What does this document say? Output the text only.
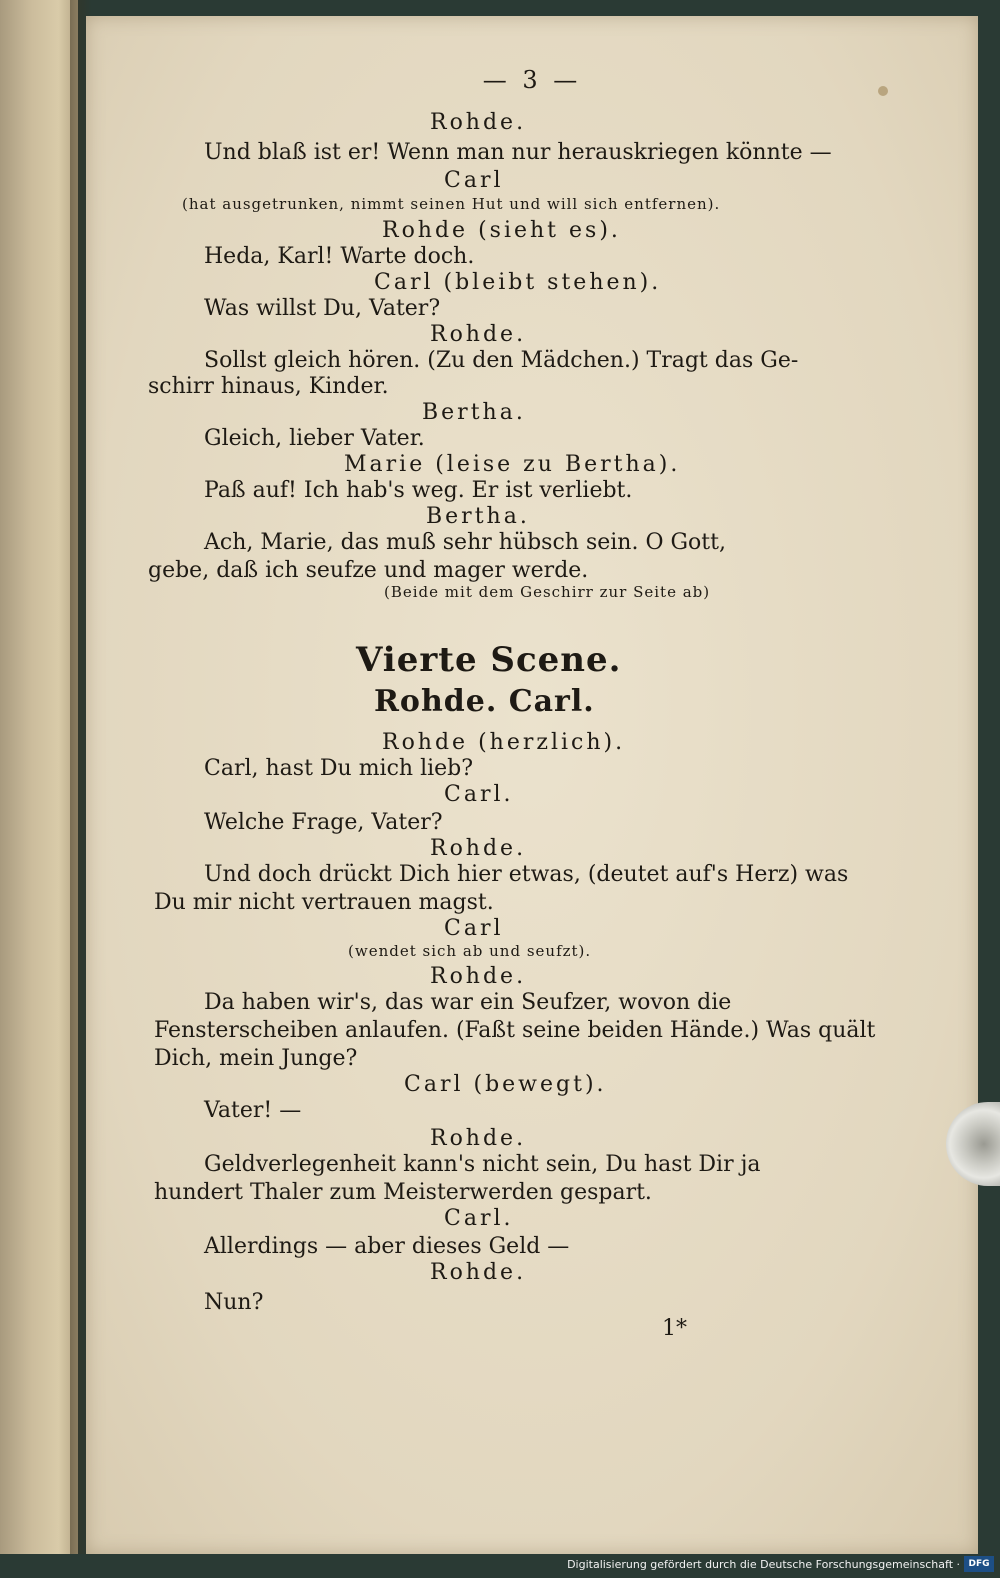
— 3 —
Rohde.
Und blaß ist er! Wenn man nur herauskriegen könnte —
Carl
(hat ausgetrunken, nimmt seinen Hut und will sich entfernen).
Rohde (sieht es).
Heda, Karl! Warte doch.
Carl (bleibt stehen).
Was willst Du, Vater?
Rohde.
Sollst gleich hören. (Zu den Mädchen.) Tragt das Ge-
schirr hinaus, Kinder.
Bertha.
Gleich, lieber Vater.
Marie (leise zu Bertha).
Paß auf! Ich hab's weg. Er ist verliebt.
Bertha.
Ach, Marie, das muß sehr hübsch sein. O Gott,
gebe, daß ich seufze und mager werde.
(Beide mit dem Geschirr zur Seite ab)
Vierte Scene.
Rohde. Carl.
Rohde (herzlich).
Carl, hast Du mich lieb?
Carl.
Welche Frage, Vater?
Rohde.
Und doch drückt Dich hier etwas, (deutet auf's Herz) was
Du mir nicht vertrauen magst.
Carl
(wendet sich ab und seufzt).
Rohde.
Da haben wir's, das war ein Seufzer, wovon die
Fensterscheiben anlaufen. (Faßt seine beiden Hände.) Was quält
Dich, mein Junge?
Carl (bewegt).
Vater! —
Rohde.
Geldverlegenheit kann's nicht sein, Du hast Dir ja
hundert Thaler zum Meisterwerden gespart.
Carl.
Allerdings — aber dieses Geld —
Rohde.
Nun?
1*
Digitalisierung gefördert durch die Deutsche Forschungsgemeinschaft · DFG
